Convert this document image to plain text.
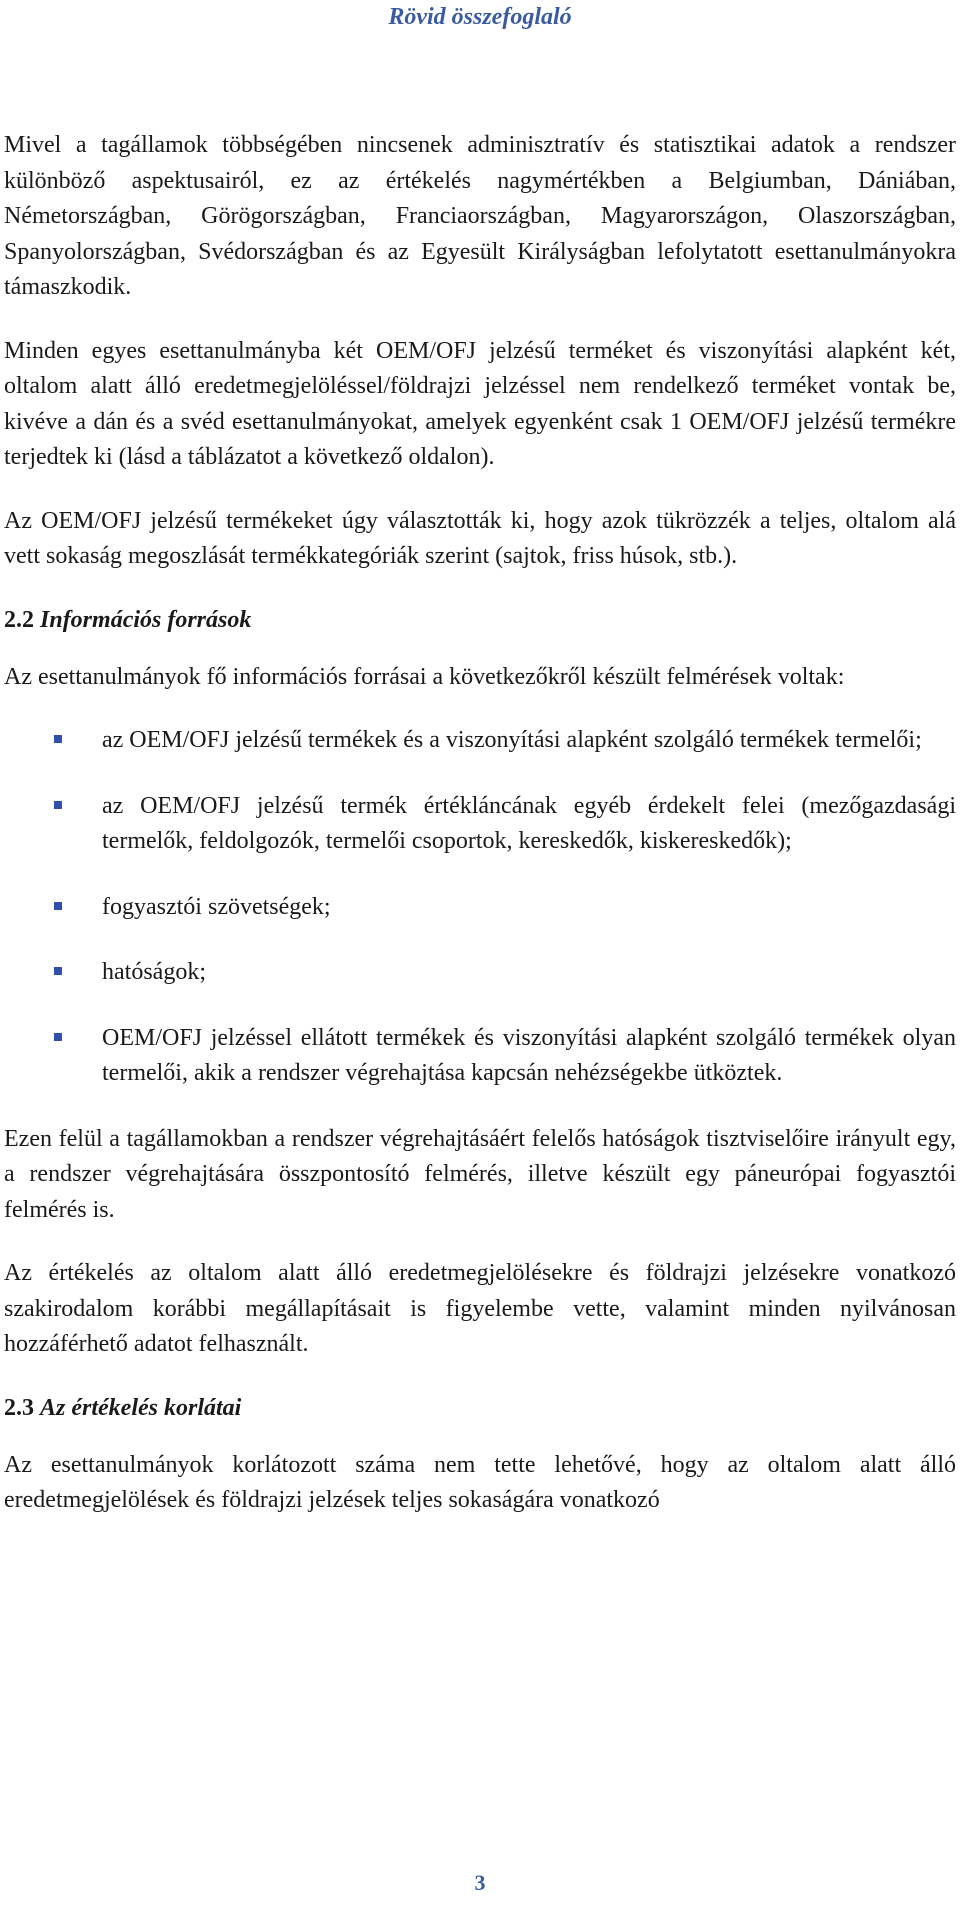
Rövid összefoglaló

Mivel a tagállamok többségében nincsenek adminisztratív és statisztikai adatok a rendszer különböző aspektusairól, ez az értékelés nagymértékben a Belgiumban, Dániában, Németországban, Görögországban, Franciaországban, Magyarországon, Olaszországban, Spanyolországban, Svédországban és az Egyesült Királyságban lefolytatott esettanulmányokra támaszkodik.

Minden egyes esettanulmányba két OEM/OFJ jelzésű terméket és viszonyítási alapként két, oltalom alatt álló eredetmegjelöléssel/földrajzi jelzéssel nem rendelkező terméket vontak be, kivéve a dán és a svéd esettanulmányokat, amelyek egyenként csak 1 OEM/OFJ jelzésű termékre terjedtek ki (lásd a táblázatot a következő oldalon).

Az OEM/OFJ jelzésű termékeket úgy választották ki, hogy azok tükrözzék a teljes, oltalom alá vett sokaság megoszlását termékkategóriák szerint (sajtok, friss húsok, stb.).

2.2 Információs források

Az esettanulmányok fő információs forrásai a következőkről készült felmérések voltak:

az OEM/OFJ jelzésű termékek és a viszonyítási alapként szolgáló termékek termelői;
az OEM/OFJ jelzésű termék értékláncának egyéb érdekelt felei (mezőgazdasági termelők, feldolgozók, termelői csoportok, kereskedők, kiskereskedők);
fogyasztói szövetségek;
hatóságok;
OEM/OFJ jelzéssel ellátott termékek és viszonyítási alapként szolgáló termékek olyan termelői, akik a rendszer végrehajtása kapcsán nehézségekbe ütköztek.

Ezen felül a tagállamokban a rendszer végrehajtásáért felelős hatóságok tisztviselőire irányult egy, a rendszer végrehajtására összpontosító felmérés, illetve készült egy páneurópai fogyasztói felmérés is.

Az értékelés az oltalom alatt álló eredetmegjelölésekre és földrajzi jelzésekre vonatkozó szakirodalom korábbi megállapításait is figyelembe vette, valamint minden nyilvánosan hozzáférhető adatot felhasznált.

2.3 Az értékelés korlátai

Az esettanulmányok korlátozott száma nem tette lehetővé, hogy az oltalom alatt álló eredetmegjelölések és földrajzi jelzések teljes sokaságára vonatkozó

3
